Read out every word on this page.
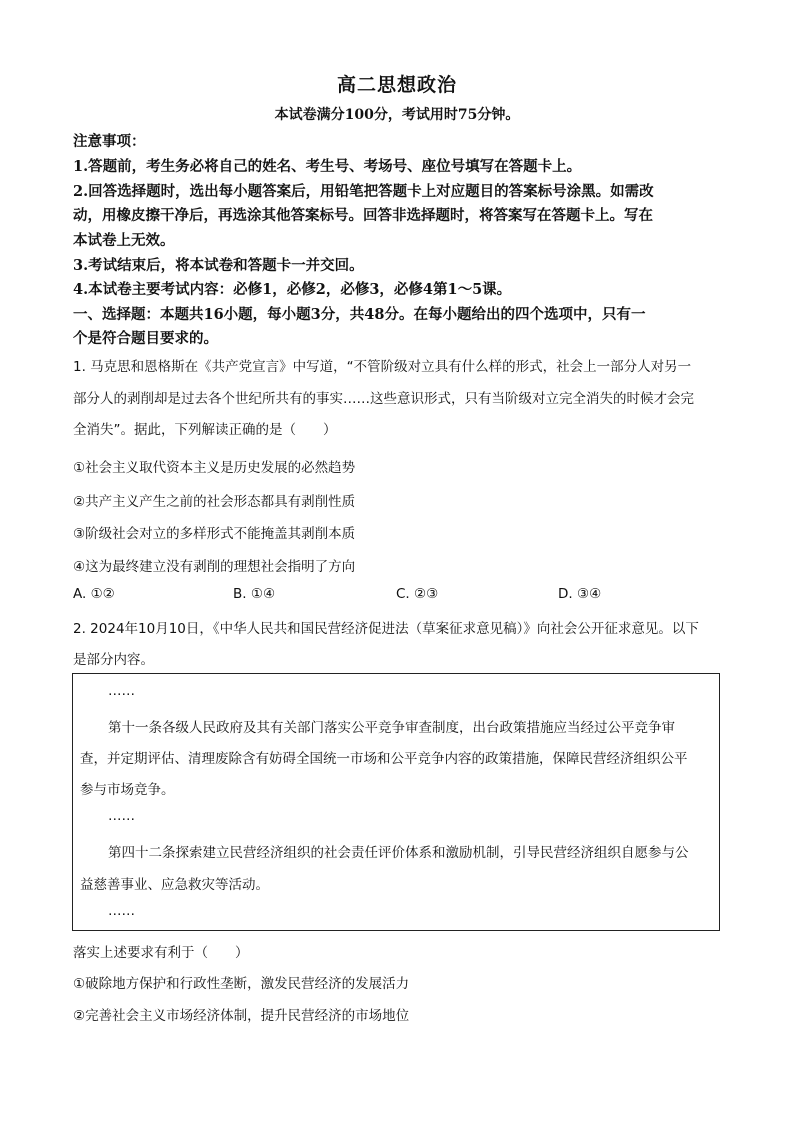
高二思想政治
本试卷满分100分，考试用时75分钟。
注意事项：
1.答题前，考生务必将自己的姓名、考生号、考场号、座位号填写在答题卡上。
2.回答选择题时，选出每小题答案后，用铅笔把答题卡上对应题目的答案标号涂黑。如需改
动，用橡皮擦干净后，再选涂其他答案标号。回答非选择题时，将答案写在答题卡上。写在
本试卷上无效。
3.考试结束后，将本试卷和答题卡一并交回。
4.本试卷主要考试内容：必修1，必修2，必修3，必修4第1～5课。
一、选择题：本题共16小题，每小题3分，共48分。在每小题给出的四个选项中，只有一
个是符合题目要求的。
1. 马克思和恩格斯在《共产党宣言》中写道，“不管阶级对立具有什么样的形式，社会上一部分人对另一
部分人的剥削却是过去各个世纪所共有的事实……这些意识形式，只有当阶级对立完全消失的时候才会完
全消失”。据此，下列解读正确的是（　　）
①社会主义取代资本主义是历史发展的必然趋势
②共产主义产生之前的社会形态都具有剥削性质
③阶级社会对立的多样形式不能掩盖其剥削本质
④这为最终建立没有剥削的理想社会指明了方向
A. ①②	B. ①④	C. ②③	D. ③④
2. 2024年10月10日，《中华人民共和国民营经济促进法（草案征求意见稿）》向社会公开征求意见。以下
是部分内容。
……
第十一条各级人民政府及其有关部门落实公平竞争审查制度，出台政策措施应当经过公平竞争审
查，并定期评估、清理废除含有妨碍全国统一市场和公平竞争内容的政策措施，保障民营经济组织公平
参与市场竞争。
……
第四十二条探索建立民营经济组织的社会责任评价体系和激励机制，引导民营经济组织自愿参与公
益慈善事业、应急救灾等活动。
……
落实上述要求有利于（　　）
①破除地方保护和行政性垄断，激发民营经济的发展活力
②完善社会主义市场经济体制，提升民营经济的市场地位
